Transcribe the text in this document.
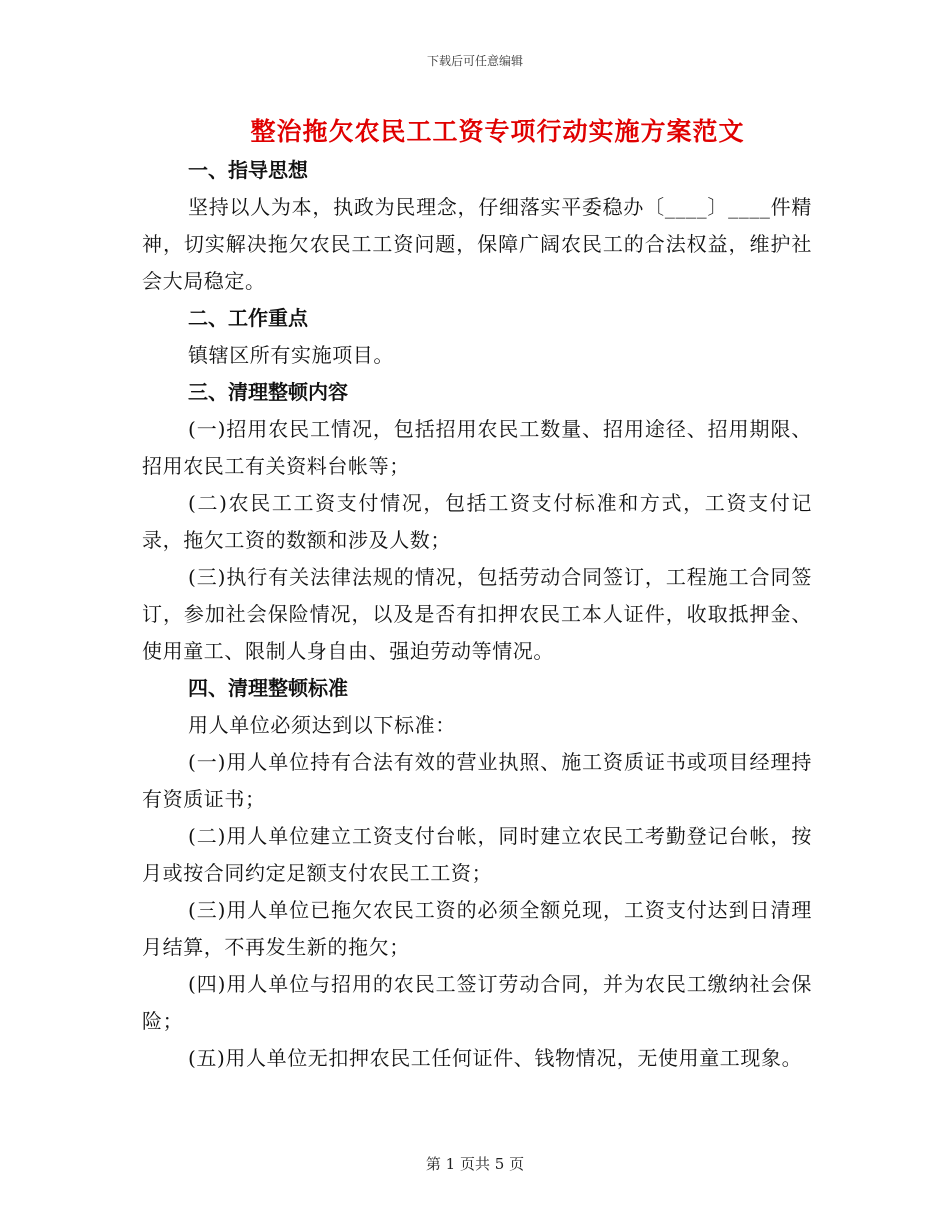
下载后可任意编辑
整治拖欠农民工工资专项行动实施方案范文

一、指导思想

坚持以人为本，执政为民理念，仔细落实平委稳办〔____〕____件精神，切实解决拖欠农民工工资问题，保障广阔农民工的合法权益，维护社会大局稳定。

二、工作重点

镇辖区所有实施项目。

三、清理整顿内容

(一)招用农民工情况，包括招用农民工数量、招用途径、招用期限、招用农民工有关资料台帐等；

(二)农民工工资支付情况，包括工资支付标准和方式，工资支付记录，拖欠工资的数额和涉及人数；

(三)执行有关法律法规的情况，包括劳动合同签订，工程施工合同签订，参加社会保险情况，以及是否有扣押农民工本人证件，收取抵押金、使用童工、限制人身自由、强迫劳动等情况。

四、清理整顿标准

用人单位必须达到以下标准：

(一)用人单位持有合法有效的营业执照、施工资质证书或项目经理持有资质证书；

(二)用人单位建立工资支付台帐，同时建立农民工考勤登记台帐，按月或按合同约定足额支付农民工工资；

(三)用人单位已拖欠农民工资的必须全额兑现，工资支付达到日清理月结算，不再发生新的拖欠；

(四)用人单位与招用的农民工签订劳动合同，并为农民工缴纳社会保险；

(五)用人单位无扣押农民工任何证件、钱物情况，无使用童工现象。

第 1 页共 5 页
